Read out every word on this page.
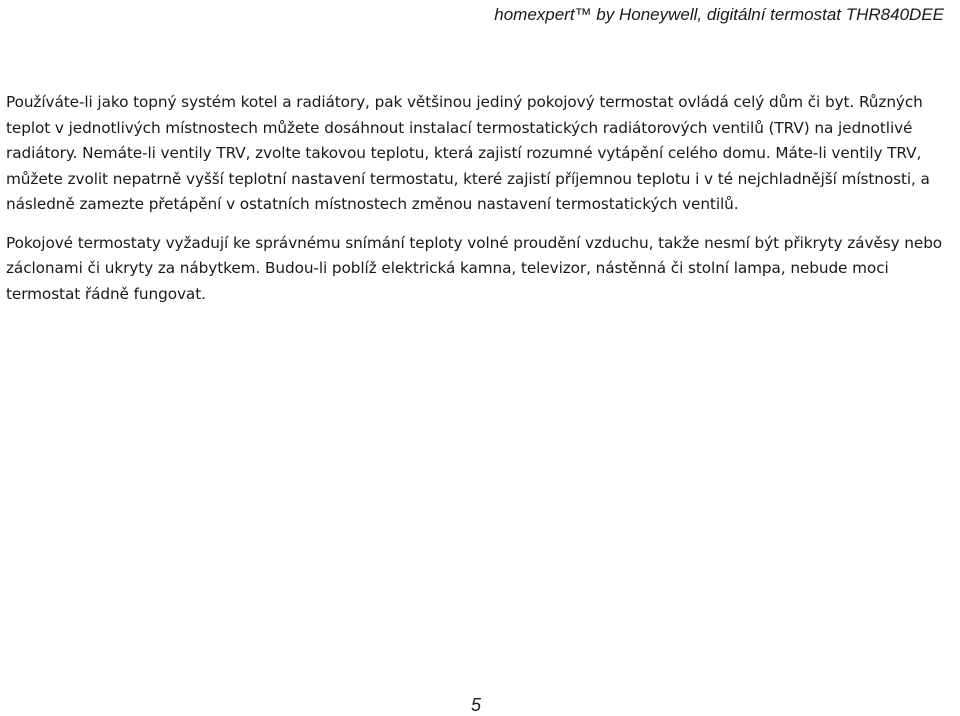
homexpert™ by Honeywell, digitální termostat THR840DEE

Používáte-li jako topný systém kotel a radiátory, pak většinou jediný pokojový termostat ovládá celý dům či byt. Různých teplot v jednotlivých místnostech můžete dosáhnout instalací termostatických radiátorových ventilů (TRV) na jednotlivé radiátory. Nemáte-li ventily TRV, zvolte takovou teplotu, která zajistí rozumné vytápění celého domu. Máte-li ventily TRV, můžete zvolit nepatrně vyšší teplotní nastavení termostatu, které zajistí příjemnou teplotu i v té nejchladnější místnosti, a následně zamezte přetápění v ostatních místnostech změnou nastavení termostatických ventilů.

Pokojové termostaty vyžadují ke správnému snímání teploty volné proudění vzduchu, takže nesmí být přikryty závěsy nebo záclonami či ukryty za nábytkem. Budou-li poblíž elektrická kamna, televizor, nástěnná či stolní lampa, nebude moci termostat řádně fungovat.

5
